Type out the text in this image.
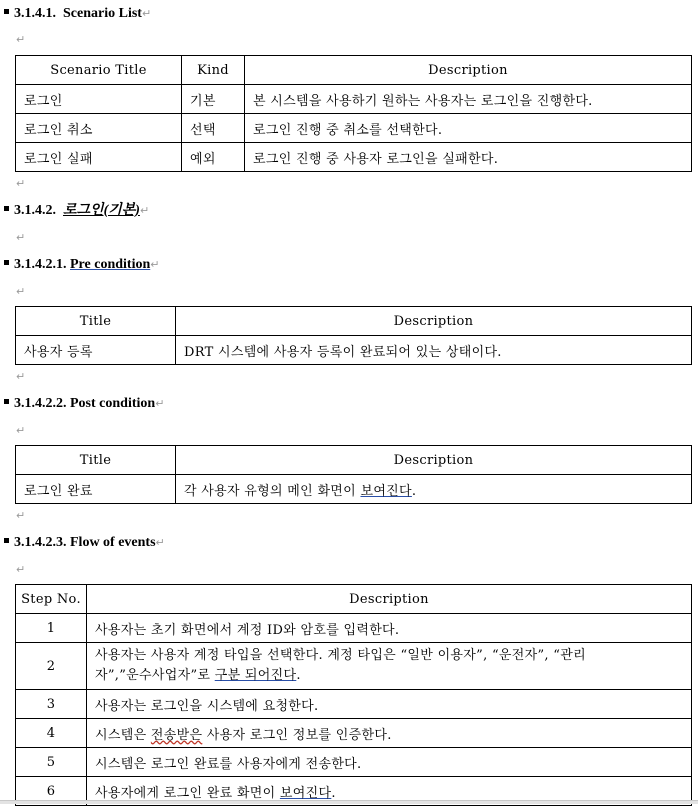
3.1.4.1. Scenario List↵
↵
Scenario Title	Kind	Description
로그인	기본	본 시스템을 사용하기 원하는 사용자는 로그인을 진행한다.
로그인 취소	선택	로그인 진행 중 취소를 선택한다.
로그인 실패	예외	로그인 진행 중 사용자 로그인을 실패한다.
↵
3.1.4.2. 로그인(기본)↵
↵
3.1.4.2.1. Pre condition↵
↵
Title	Description
사용자 등록	DRT 시스템에 사용자 등록이 완료되어 있는 상태이다.
↵
3.1.4.2.2. Post condition↵
↵
Title	Description
로그인 완료	각 사용자 유형의 메인 화면이 보여진다.
↵
3.1.4.2.3. Flow of events↵
↵
Step No.	Description
1	사용자는 초기 화면에서 계정 ID와 암호를 입력한다.
2	사용자는 사용자 계정 타입을 선택한다. 계정 타입은 “일반 이용자”, “운전자”, “관리
자”,”운수사업자”로 구분 되어진다.
3	사용자는 로그인을 시스템에 요청한다.
4	시스템은 전송받은 사용자 로그인 정보를 인증한다.
5	시스템은 로그인 완료를 사용자에게 전송한다.
6	사용자에게 로그인 완료 화면이 보여진다.
